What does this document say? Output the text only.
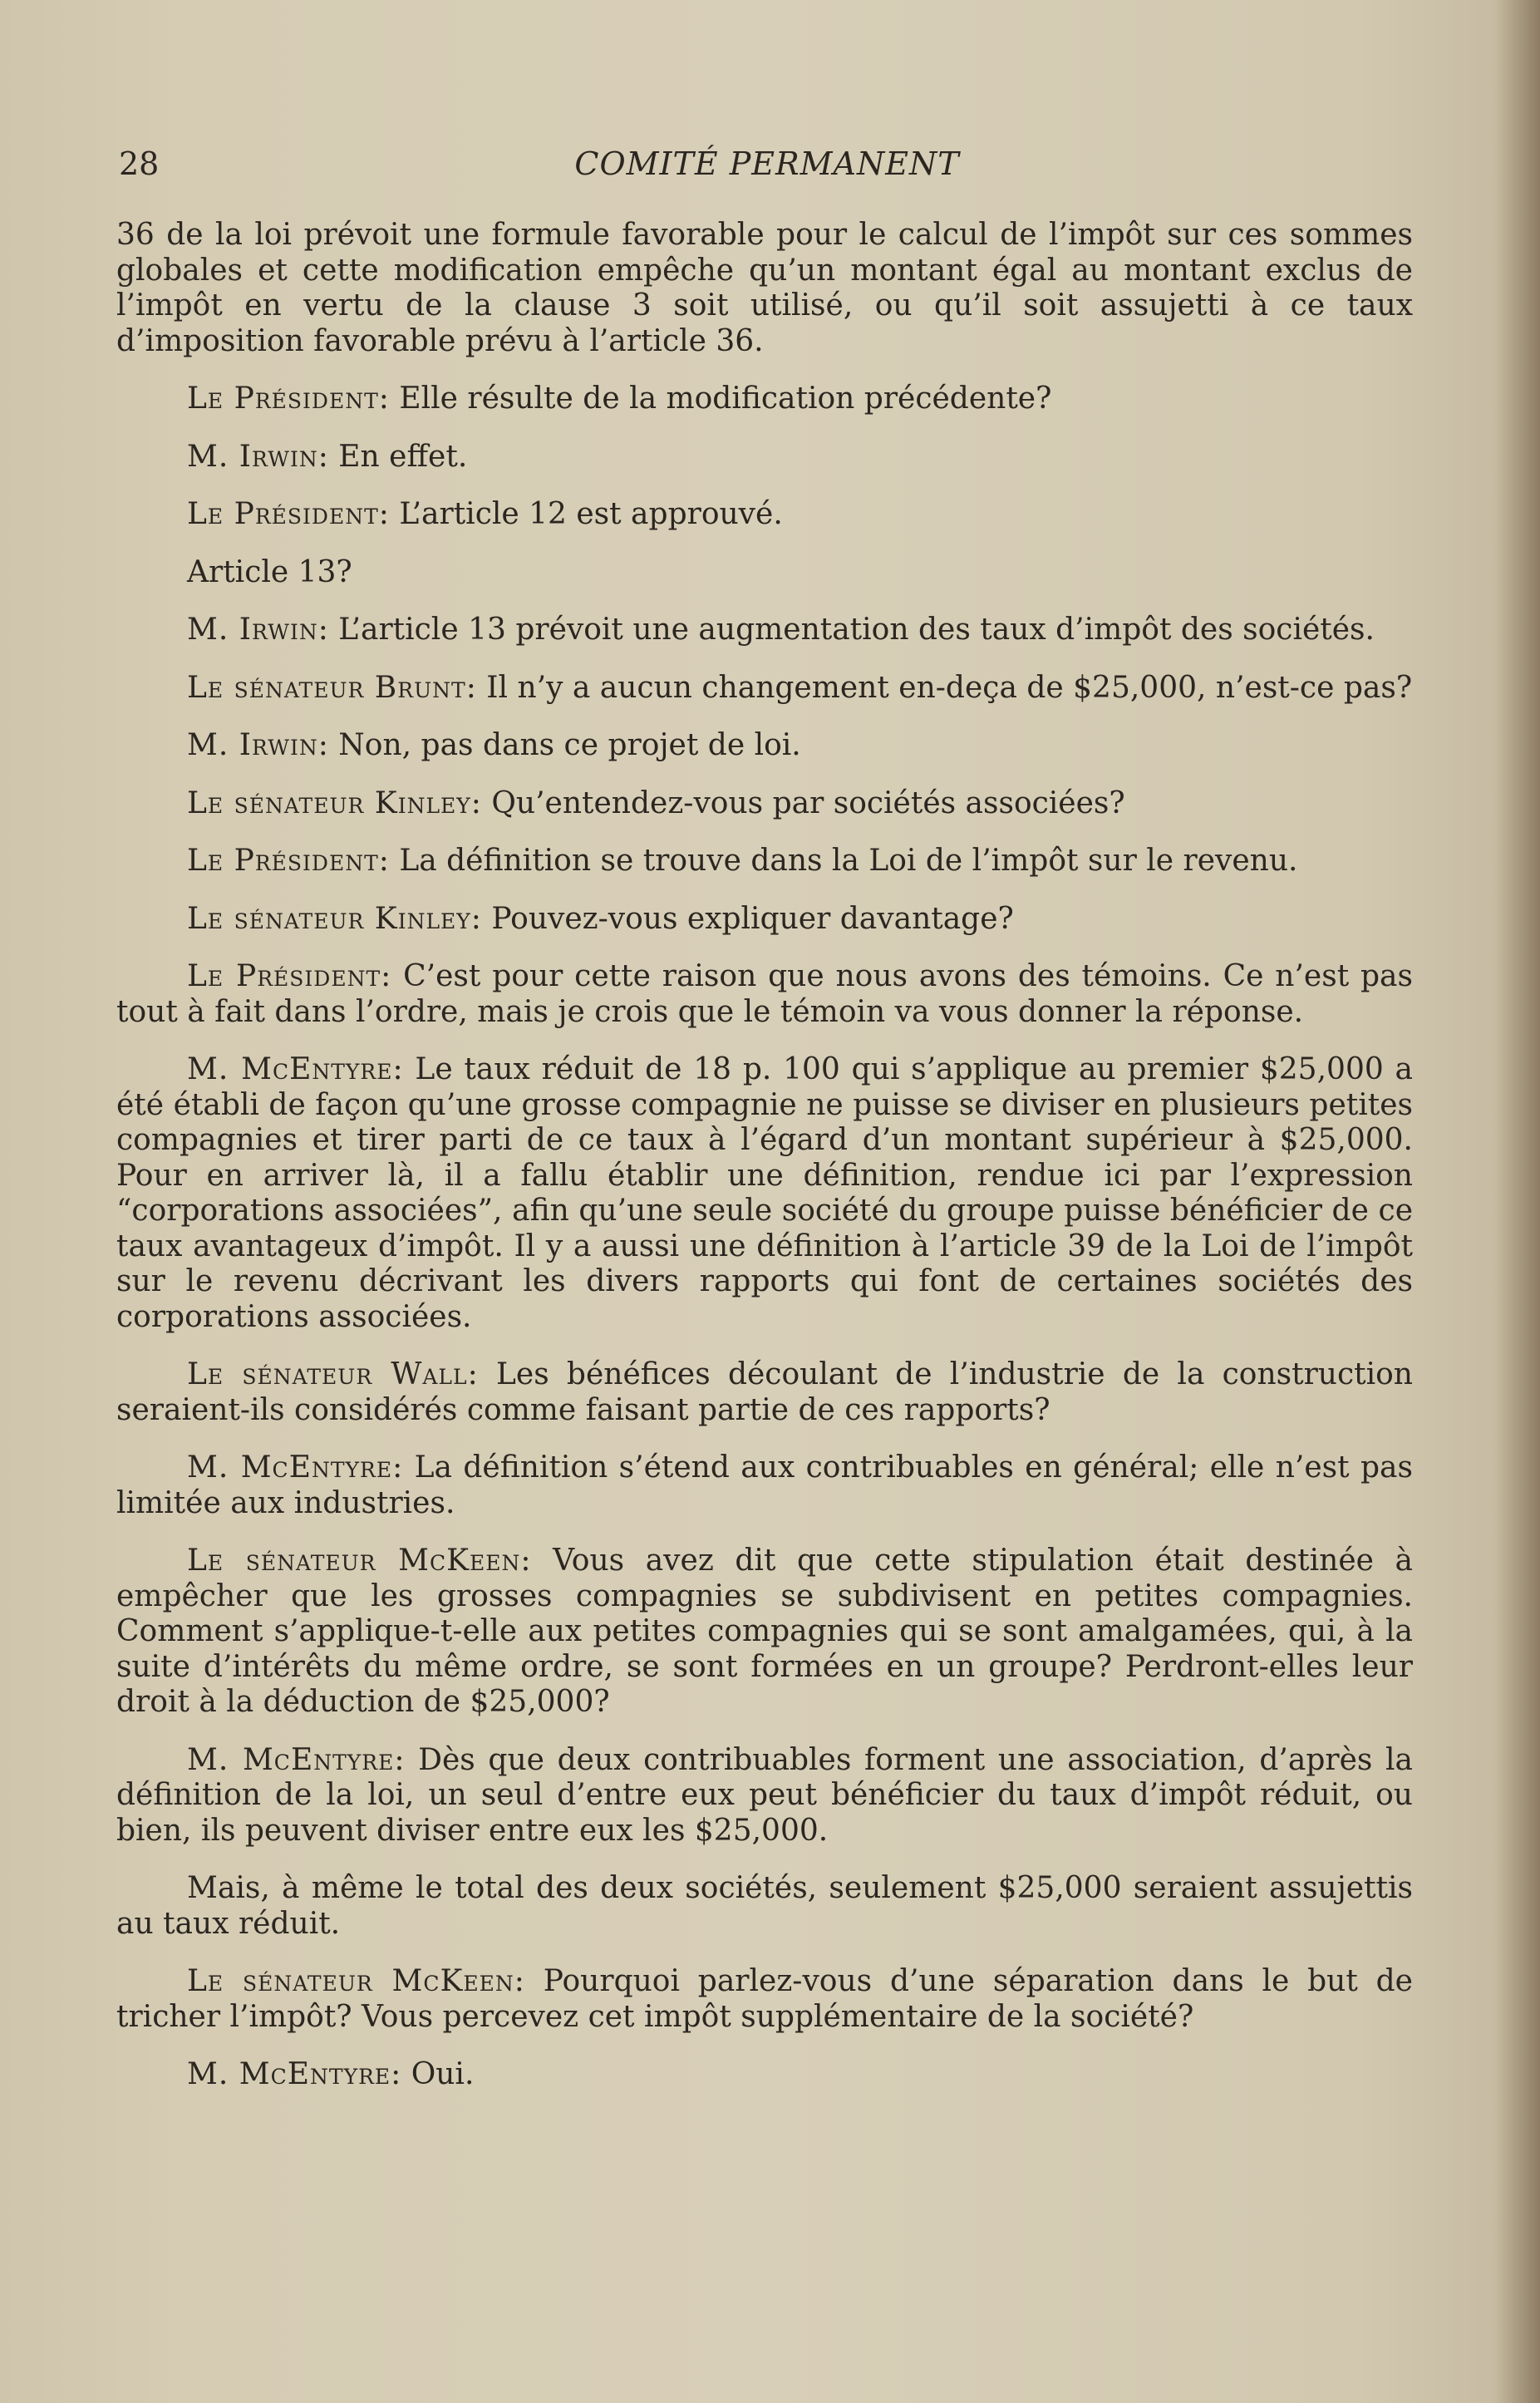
28	COMITÉ PERMANENT

36 de la loi prévoit une formule favorable pour le calcul de l’impôt sur ces sommes globales et cette modification empêche qu’un montant égal au montant exclus de l’impôt en vertu de la clause 3 soit utilisé, ou qu’il soit assujetti à ce taux d’imposition favorable prévu à l’article 36.

Le Président: Elle résulte de la modification précédente?

M. Irwin: En effet.

Le Président: L’article 12 est approuvé.

Article 13?

M. Irwin: L’article 13 prévoit une augmentation des taux d’impôt des sociétés.

Le sénateur Brunt: Il n’y a aucun changement en-deça de $25,000, n’est-ce pas?

M. Irwin: Non, pas dans ce projet de loi.

Le sénateur Kinley: Qu’entendez-vous par sociétés associées?

Le Président: La définition se trouve dans la Loi de l’impôt sur le revenu.

Le sénateur Kinley: Pouvez-vous expliquer davantage?

Le Président: C’est pour cette raison que nous avons des témoins. Ce n’est pas tout à fait dans l’ordre, mais je crois que le témoin va vous donner la réponse.

M. McEntyre: Le taux réduit de 18 p. 100 qui s’applique au premier $25,000 a été établi de façon qu’une grosse compagnie ne puisse se diviser en plusieurs petites compagnies et tirer parti de ce taux à l’égard d’un montant supérieur à $25,000. Pour en arriver là, il a fallu établir une définition, rendue ici par l’expression “corporations associées”, afin qu’une seule société du groupe puisse bénéficier de ce taux avantageux d’impôt. Il y a aussi une définition à l’article 39 de la Loi de l’impôt sur le revenu décrivant les divers rapports qui font de certaines sociétés des corporations associées.

Le sénateur Wall: Les bénéfices découlant de l’industrie de la construction seraient-ils considérés comme faisant partie de ces rapports?

M. McEntyre: La définition s’étend aux contribuables en général; elle n’est pas limitée aux industries.

Le sénateur McKeen: Vous avez dit que cette stipulation était destinée à empêcher que les grosses compagnies se subdivisent en petites compagnies. Comment s’applique-t-elle aux petites compagnies qui se sont amalgamées, qui, à la suite d’intérêts du même ordre, se sont formées en un groupe? Perdront-elles leur droit à la déduction de $25,000?

M. McEntyre: Dès que deux contribuables forment une association, d’après la définition de la loi, un seul d’entre eux peut bénéficier du taux d’impôt réduit, ou bien, ils peuvent diviser entre eux les $25,000.

Mais, à même le total des deux sociétés, seulement $25,000 seraient assujettis au taux réduit.

Le sénateur McKeen: Pourquoi parlez-vous d’une séparation dans le but de tricher l’impôt? Vous percevez cet impôt supplémentaire de la société?

M. McEntyre: Oui.
